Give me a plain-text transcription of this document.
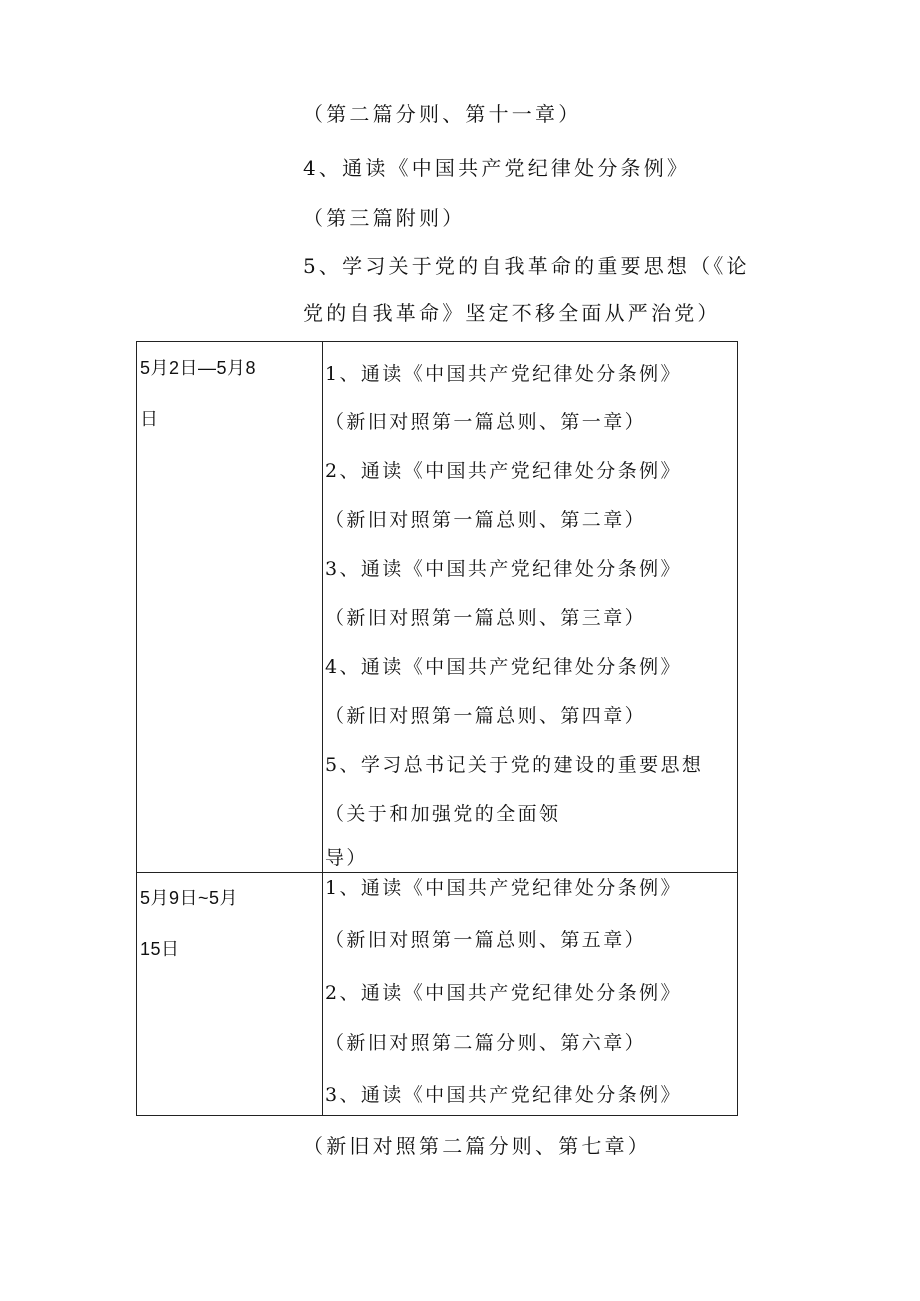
（第二篇分则、第十一章）
4、通读《中国共产党纪律处分条例》
（第三篇附则）
5、学习关于党的自我革命的重要思想（《论
党的自我革命》坚定不移全面从严治党）
5月2日—5月8
日
1、通读《中国共产党纪律处分条例》
（新旧对照第一篇总则、第一章）
2、通读《中国共产党纪律处分条例》
（新旧对照第一篇总则、第二章）
3、通读《中国共产党纪律处分条例》
（新旧对照第一篇总则、第三章）
4、通读《中国共产党纪律处分条例》
（新旧对照第一篇总则、第四章）
5、学习总书记关于党的建设的重要思想
（关于和加强党的全面领
导）
5月9日~5月
15日
1、通读《中国共产党纪律处分条例》
（新旧对照第一篇总则、第五章）
2、通读《中国共产党纪律处分条例》
（新旧对照第二篇分则、第六章）
3、通读《中国共产党纪律处分条例》
（新旧对照第二篇分则、第七章）
